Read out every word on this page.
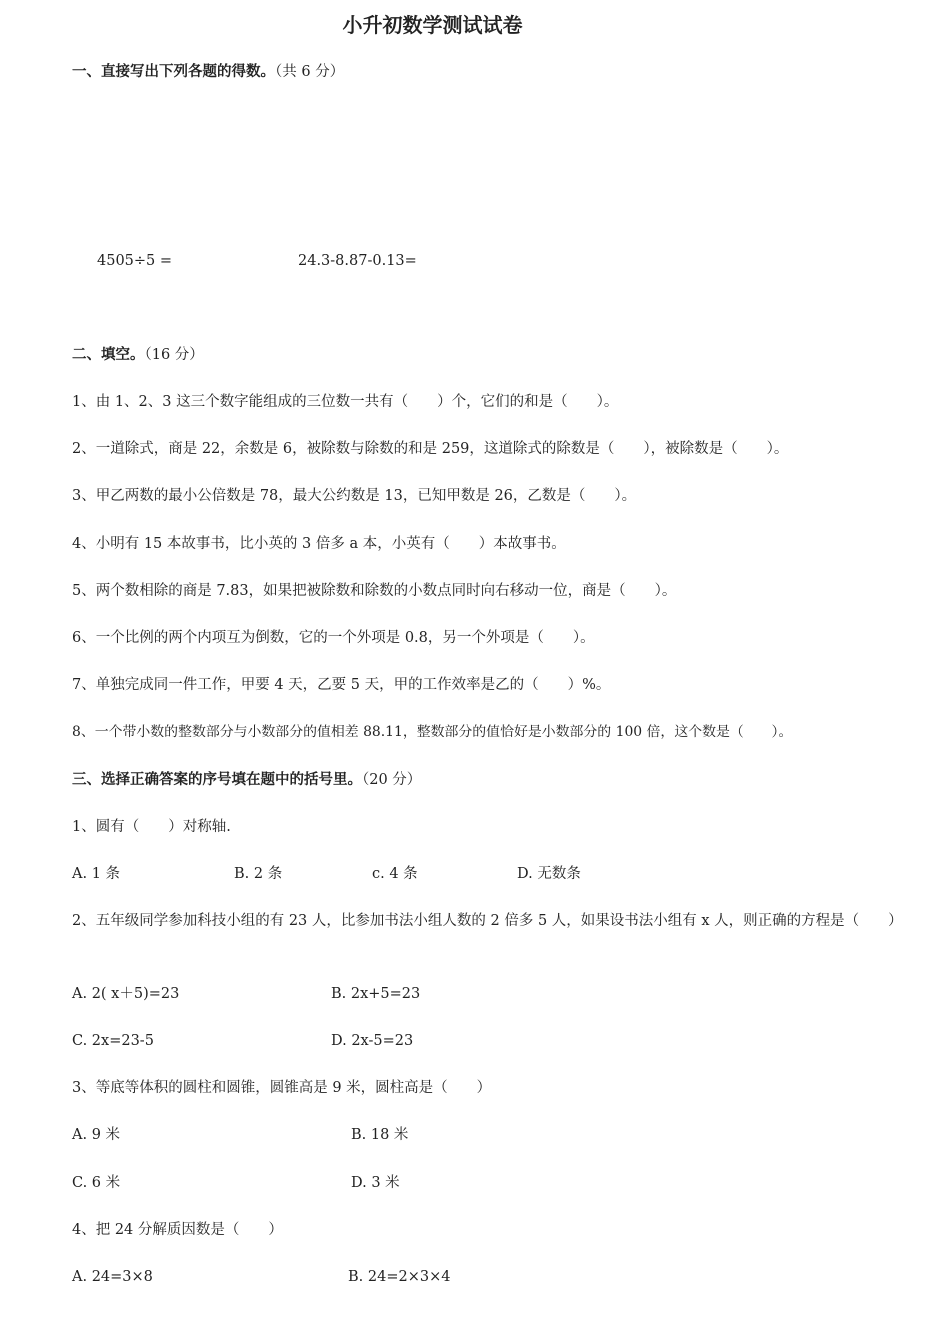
小升初数学测试试卷
一、直接写出下列各题的得数。（共 6 分）
4505÷5 =	24.3-8.87-0.13=
二、填空。（16 分）
1、由 1、2、3 这三个数字能组成的三位数一共有（　　）个，它们的和是（　　）。
2、一道除式，商是 22，余数是 6，被除数与除数的和是 259，这道除式的除数是（　　），被除数是（　　）。
3、甲乙两数的最小公倍数是 78，最大公约数是 13，已知甲数是 26，乙数是（　　）。
4、小明有 15 本故事书，比小英的 3 倍多 a 本，小英有（　　）本故事书。
5、两个数相除的商是 7.83，如果把被除数和除数的小数点同时向右移动一位，商是（　　）。
6、一个比例的两个内项互为倒数，它的一个外项是 0.8，另一个外项是（　　）。
7、单独完成同一件工作，甲要 4 天，乙要 5 天，甲的工作效率是乙的（　　）%。
8、一个带小数的整数部分与小数部分的值相差 88.11，整数部分的值恰好是小数部分的 100 倍，这个数是（　　）。
三、选择正确答案的序号填在题中的括号里。（20 分）
1、圆有（　　）对称轴.
A. 1 条	B. 2 条	c. 4 条	D. 无数条
2、五年级同学参加科技小组的有 23 人，比参加书法小组人数的 2 倍多 5 人，如果设书法小组有 x 人，则正确的方程是（　　）
A. 2( x＋5)=23	B. 2x+5=23
C. 2x=23-5	D. 2x-5=23
3、等底等体积的圆柱和圆锥，圆锥高是 9 米，圆柱高是（　　）
A. 9 米	B. 18 米
C. 6 米	D. 3 米
4、把 24 分解质因数是（　　）
A. 24=3×8	B. 24=2×3×4
